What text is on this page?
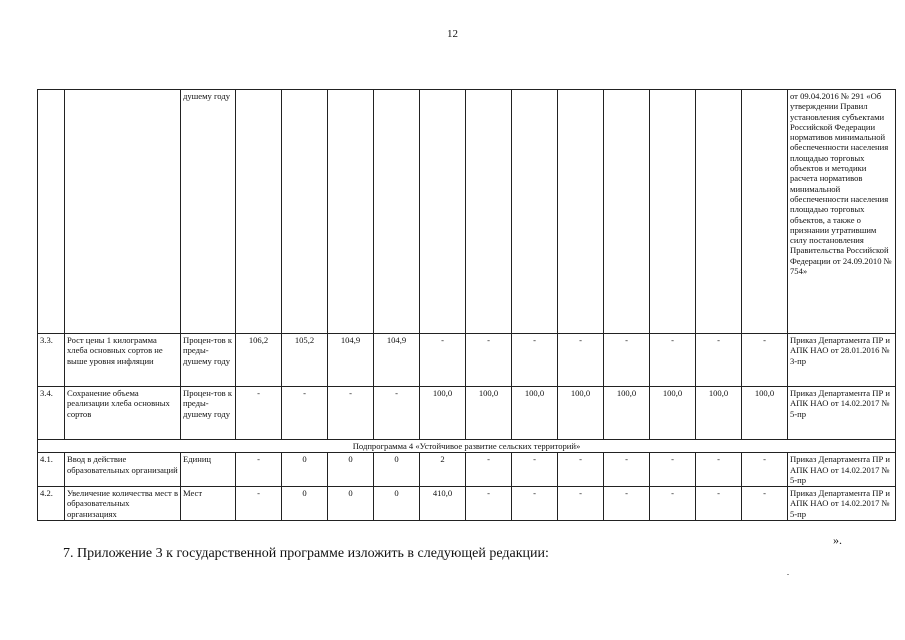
12
		душему году													от 09.04.2016 № 291 «Об утверждении Правил установления субъектами Российской Федерации нормативов минимальной обеспеченности населения площадью торговых объектов и методики расчета нормативов минимальной обеспеченности населения площадью торговых объектов, а также о признании утратившим силу постановления Правительства Российской Федерации от 24.09.2010 № 754»
3.3.	Рост цены 1 килограмма хлеба основных сортов не выше уровня инфляции	Процен-тов к преды-душему году	106,2	105,2	104,9	104,9	-	-	-	-	-	-	-	-	Приказ Департамента ПР и АПК НАО от 28.01.2016 № 3-пр
3.4.	Сохранение объема реализации хлеба основных сортов	Процен-тов к преды-душему году	-	-	-	-	100,0	100,0	100,0	100,0	100,0	100,0	100,0	100,0	Приказ Департамента ПР и АПК НАО от 14.02.2017 № 5-пр
Подпрограмма 4 «Устойчивое развитие сельских территорий»															
4.1.	Ввод в действие образовательных организаций	Единиц	-	0	0	0	2	-	-	-	-	-	-	-	Приказ Департамента ПР и АПК НАО от 14.02.2017 № 5-пр
4.2.	Увеличение количества мест в образовательных организациях	Мест	-	0	0	0	410,0	-	-	-	-	-	-	-	Приказ Департамента ПР и АПК НАО от 14.02.2017 № 5-пр
».
7. Приложение 3 к государственной программе изложить в следующей редакции:
